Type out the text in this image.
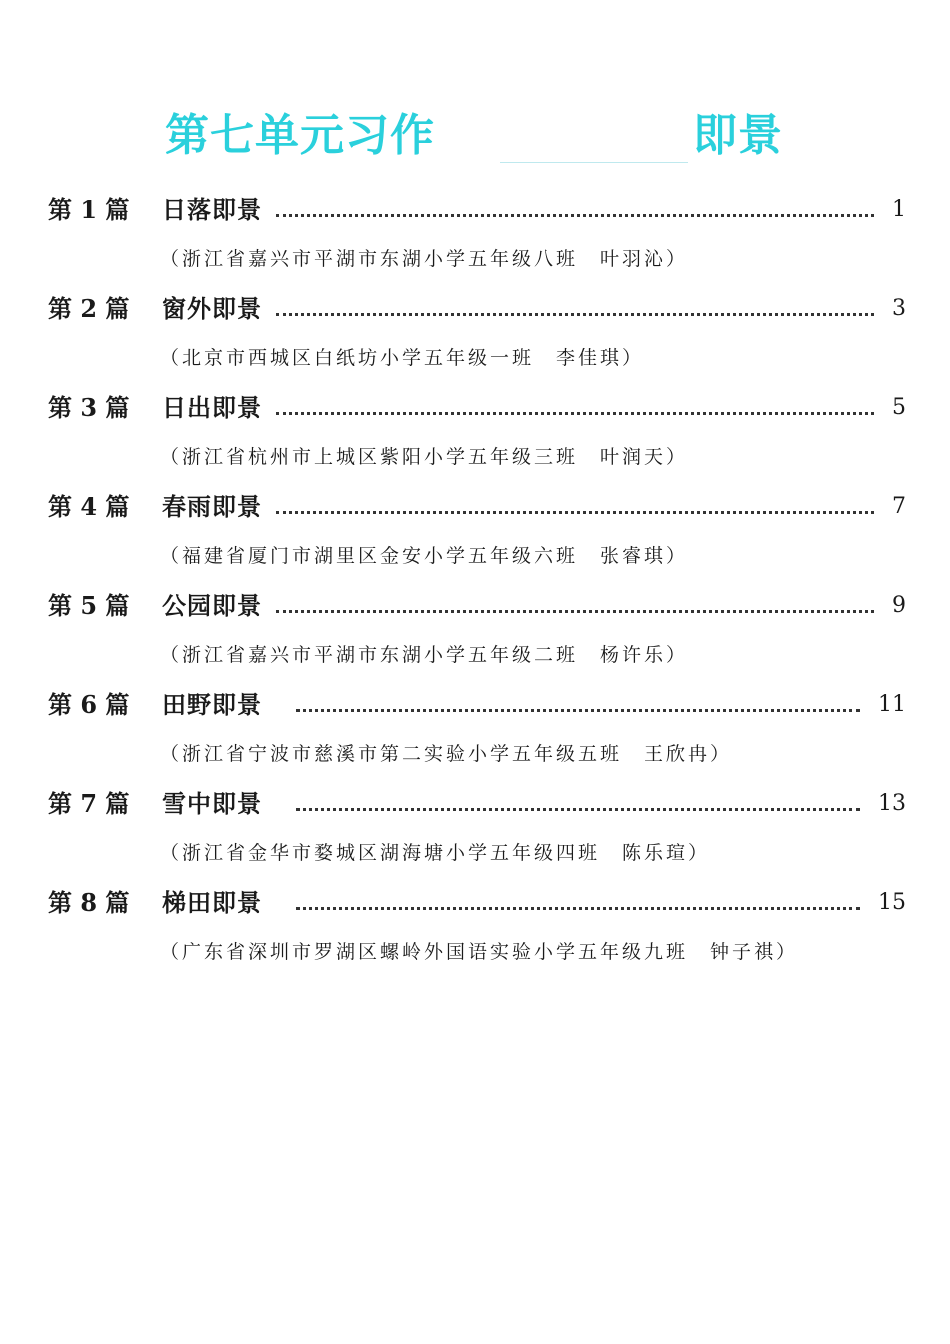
第七单元习作	即景
第 1 篇 日落即景	1
（浙江省嘉兴市平湖市东湖小学五年级八班　叶羽沁）
第 2 篇 窗外即景	3
（北京市西城区白纸坊小学五年级一班　李佳琪）
第 3 篇 日出即景	5
（浙江省杭州市上城区紫阳小学五年级三班　叶润天）
第 4 篇 春雨即景	7
（福建省厦门市湖里区金安小学五年级六班　张睿琪）
第 5 篇 公园即景	9
（浙江省嘉兴市平湖市东湖小学五年级二班　杨许乐）
第 6 篇 田野即景	11
（浙江省宁波市慈溪市第二实验小学五年级五班　王欣冉）
第 7 篇 雪中即景	13
（浙江省金华市婺城区湖海塘小学五年级四班　陈乐瑄）
第 8 篇 梯田即景	15
（广东省深圳市罗湖区螺岭外国语实验小学五年级九班　钟子祺）
